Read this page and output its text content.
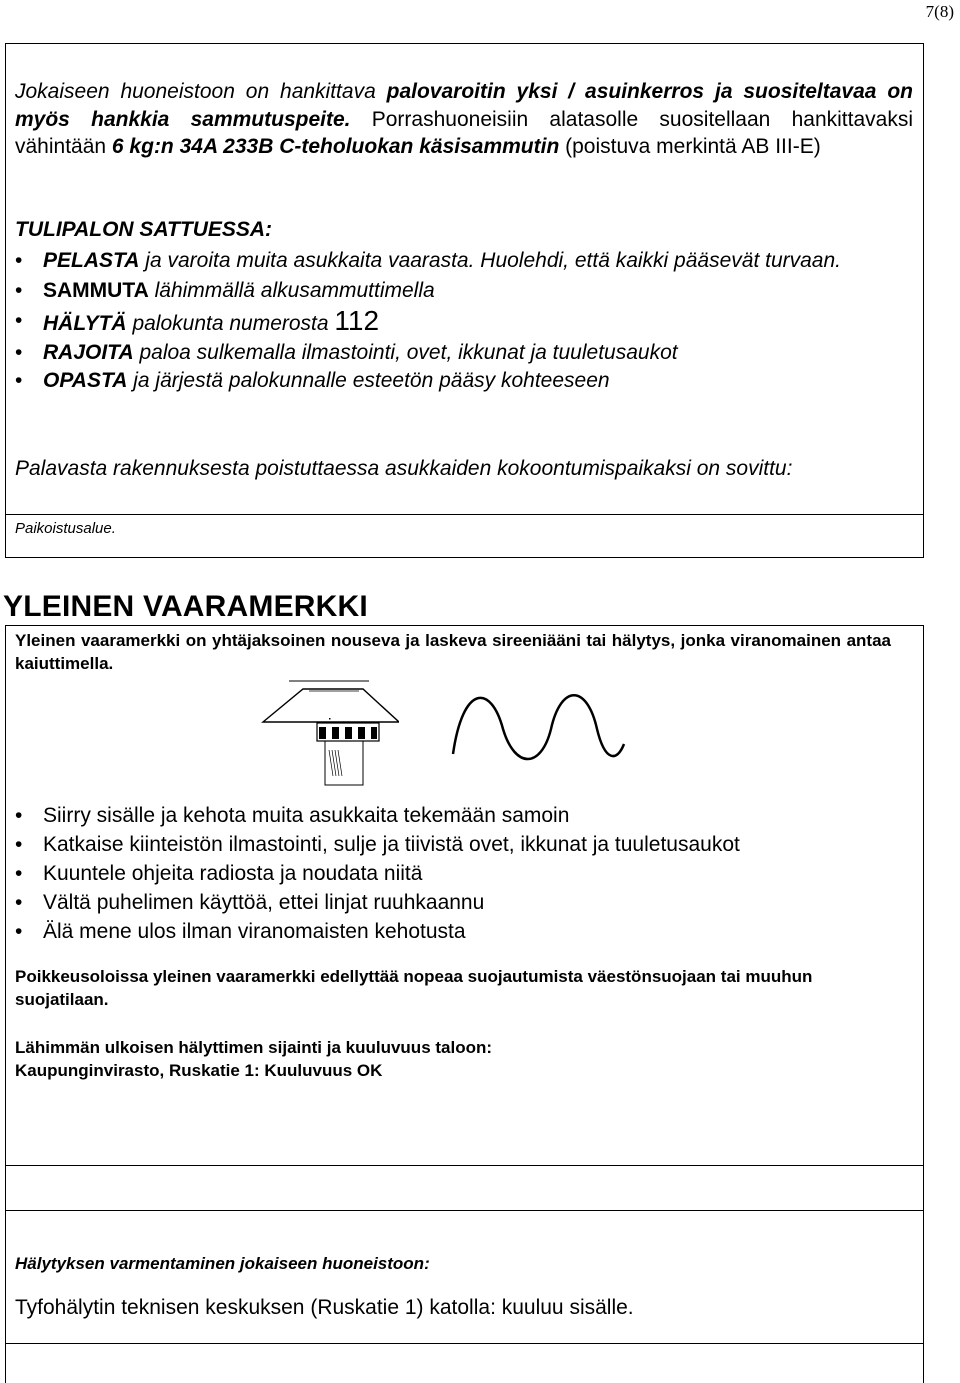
7(8)

Jokaiseen huoneistoon on hankittava palovaroitin yksi / asuinkerros ja suositeltavaa on myös hankkia sammutuspeite. Porrashuoneisiin alatasolle suositellaan hankittavaksi vähintään 6 kg:n 34A 233B C-teholuokan käsisammutin (poistuva merkintä AB III-E)

TULIPALON SATTUESSA:
• PELASTA ja varoita muita asukkaita vaarasta. Huolehdi, että kaikki pääsevät turvaan.
• SAMMUTA lähimmällä alkusammuttimella
• HÄLYTÄ palokunta numerosta 112
• RAJOITA paloa sulkemalla ilmastointi, ovet, ikkunat ja tuuletusaukot
• OPASTA ja järjestä palokunnalle esteetön pääsy kohteeseen
Palavasta rakennuksesta poistuttaessa asukkaiden kokoontumispaikaksi on sovittu:
Paikoistusalue.
YLEINEN VAARAMERKKI

Yleinen vaaramerkki on yhtäjaksoinen nouseva ja laskeva sireeniääni tai hälytys, jonka viranomainen antaa kaiuttimella.

• Siirry sisälle ja kehota muita asukkaita tekemään samoin
• Katkaise kiinteistön ilmastointi, sulje ja tiivistä ovet, ikkunat ja tuuletusaukot
• Kuuntele ohjeita radiosta ja noudata niitä
• Vältä puhelimen käyttöä, ettei linjat ruuhkaannu
• Älä mene ulos ilman viranomaisten kehotusta

Poikkeusoloissa yleinen vaaramerkki edellyttää nopeaa suojautumista väestönsuojaan tai muuhun suojatilaan.

Lähimmän ulkoisen hälyttimen sijainti ja kuuluvuus taloon:
Kaupunginvirasto, Ruskatie 1: Kuuluvuus OK
Hälytyksen varmentaminen jokaiseen huoneistoon:
Tyfohälytin teknisen keskuksen (Ruskatie 1) katolla: kuuluu sisälle.
